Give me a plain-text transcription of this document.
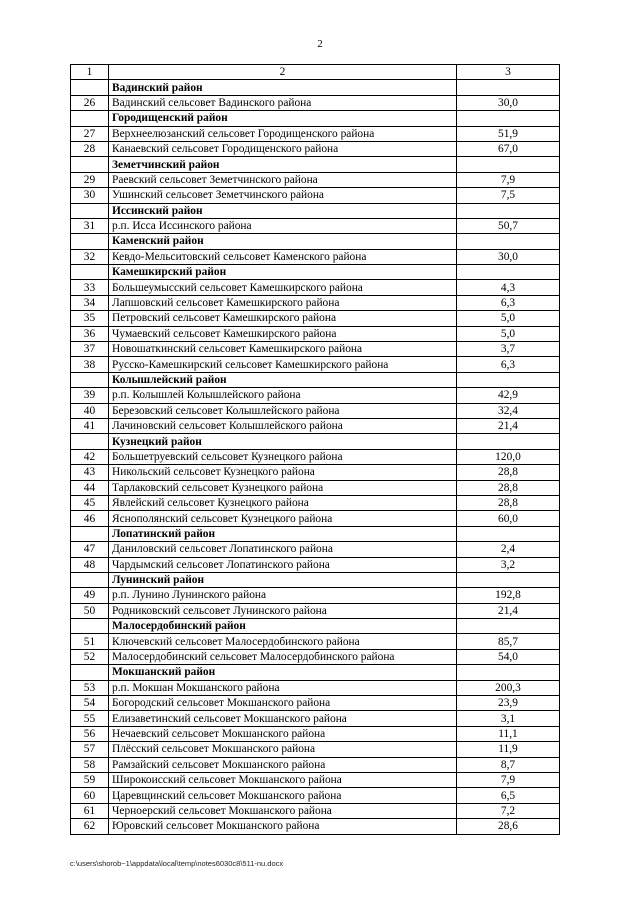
2
1	2	3
	Вадинский район	
26	Вадинский сельсовет Вадинского района	30,0
	Городищенский район	
27	Верхнеелюзанский сельсовет Городищенского района	51,9
28	Канаевский сельсовет Городищенского района	67,0
	Земетчинский район	
29	Раевский сельсовет Земетчинского района	7,9
30	Ушинский сельсовет Земетчинского района	7,5
	Иссинский район	
31	р.п. Исса Иссинского района	50,7
	Каменский район	
32	Кевдо-Мельситовский сельсовет Каменского района	30,0
	Камешкирский район	
33	Большеумысский сельсовет Камешкирского района	4,3
34	Лапшовский сельсовет Камешкирского района	6,3
35	Петровский сельсовет Камешкирского района	5,0
36	Чумаевский сельсовет Камешкирского района	5,0
37	Новошаткинский сельсовет Камешкирского района	3,7
38	Русско-Камешкирский сельсовет Камешкирского района	6,3
	Колышлейский район	
39	р.п. Колышлей Колышлейского района	42,9
40	Березовский сельсовет Колышлейского района	32,4
41	Лачиновский сельсовет Колышлейского района	21,4
	Кузнецкий район	
42	Большетруевский сельсовет Кузнецкого района	120,0
43	Никольский сельсовет Кузнецкого района	28,8
44	Тарлаковский сельсовет Кузнецкого района	28,8
45	Явлейский сельсовет Кузнецкого района	28,8
46	Яснополянский сельсовет Кузнецкого района	60,0
	Лопатинский район	
47	Даниловский сельсовет Лопатинского района	2,4
48	Чардымский сельсовет Лопатинского района	3,2
	Лунинский район	
49	р.п. Лунино Лунинского района	192,8
50	Родниковский сельсовет Лунинского района	21,4
	Малосердобинский район	
51	Ключевский сельсовет Малосердобинского района	85,7
52	Малосердобинский сельсовет Малосердобинского района	54,0
	Мокшанский район	
53	р.п. Мокшан Мокшанского района	200,3
54	Богородский сельсовет Мокшанского района	23,9
55	Елизаветинский сельсовет Мокшанского района	3,1
56	Нечаевский сельсовет Мокшанского района	11,1
57	Плёсский сельсовет Мокшанского района	11,9
58	Рамзайский сельсовет Мокшанского района	8,7
59	Широкоисский сельсовет Мокшанского района	7,9
60	Царевщинский сельсовет Мокшанского района	6,5
61	Черноерский сельсовет Мокшанского района	7,2
62	Юровский сельсовет Мокшанского района	28,6
c:\users\shorob~1\appdata\local\temp\notes6030c8\511-nu.docx
